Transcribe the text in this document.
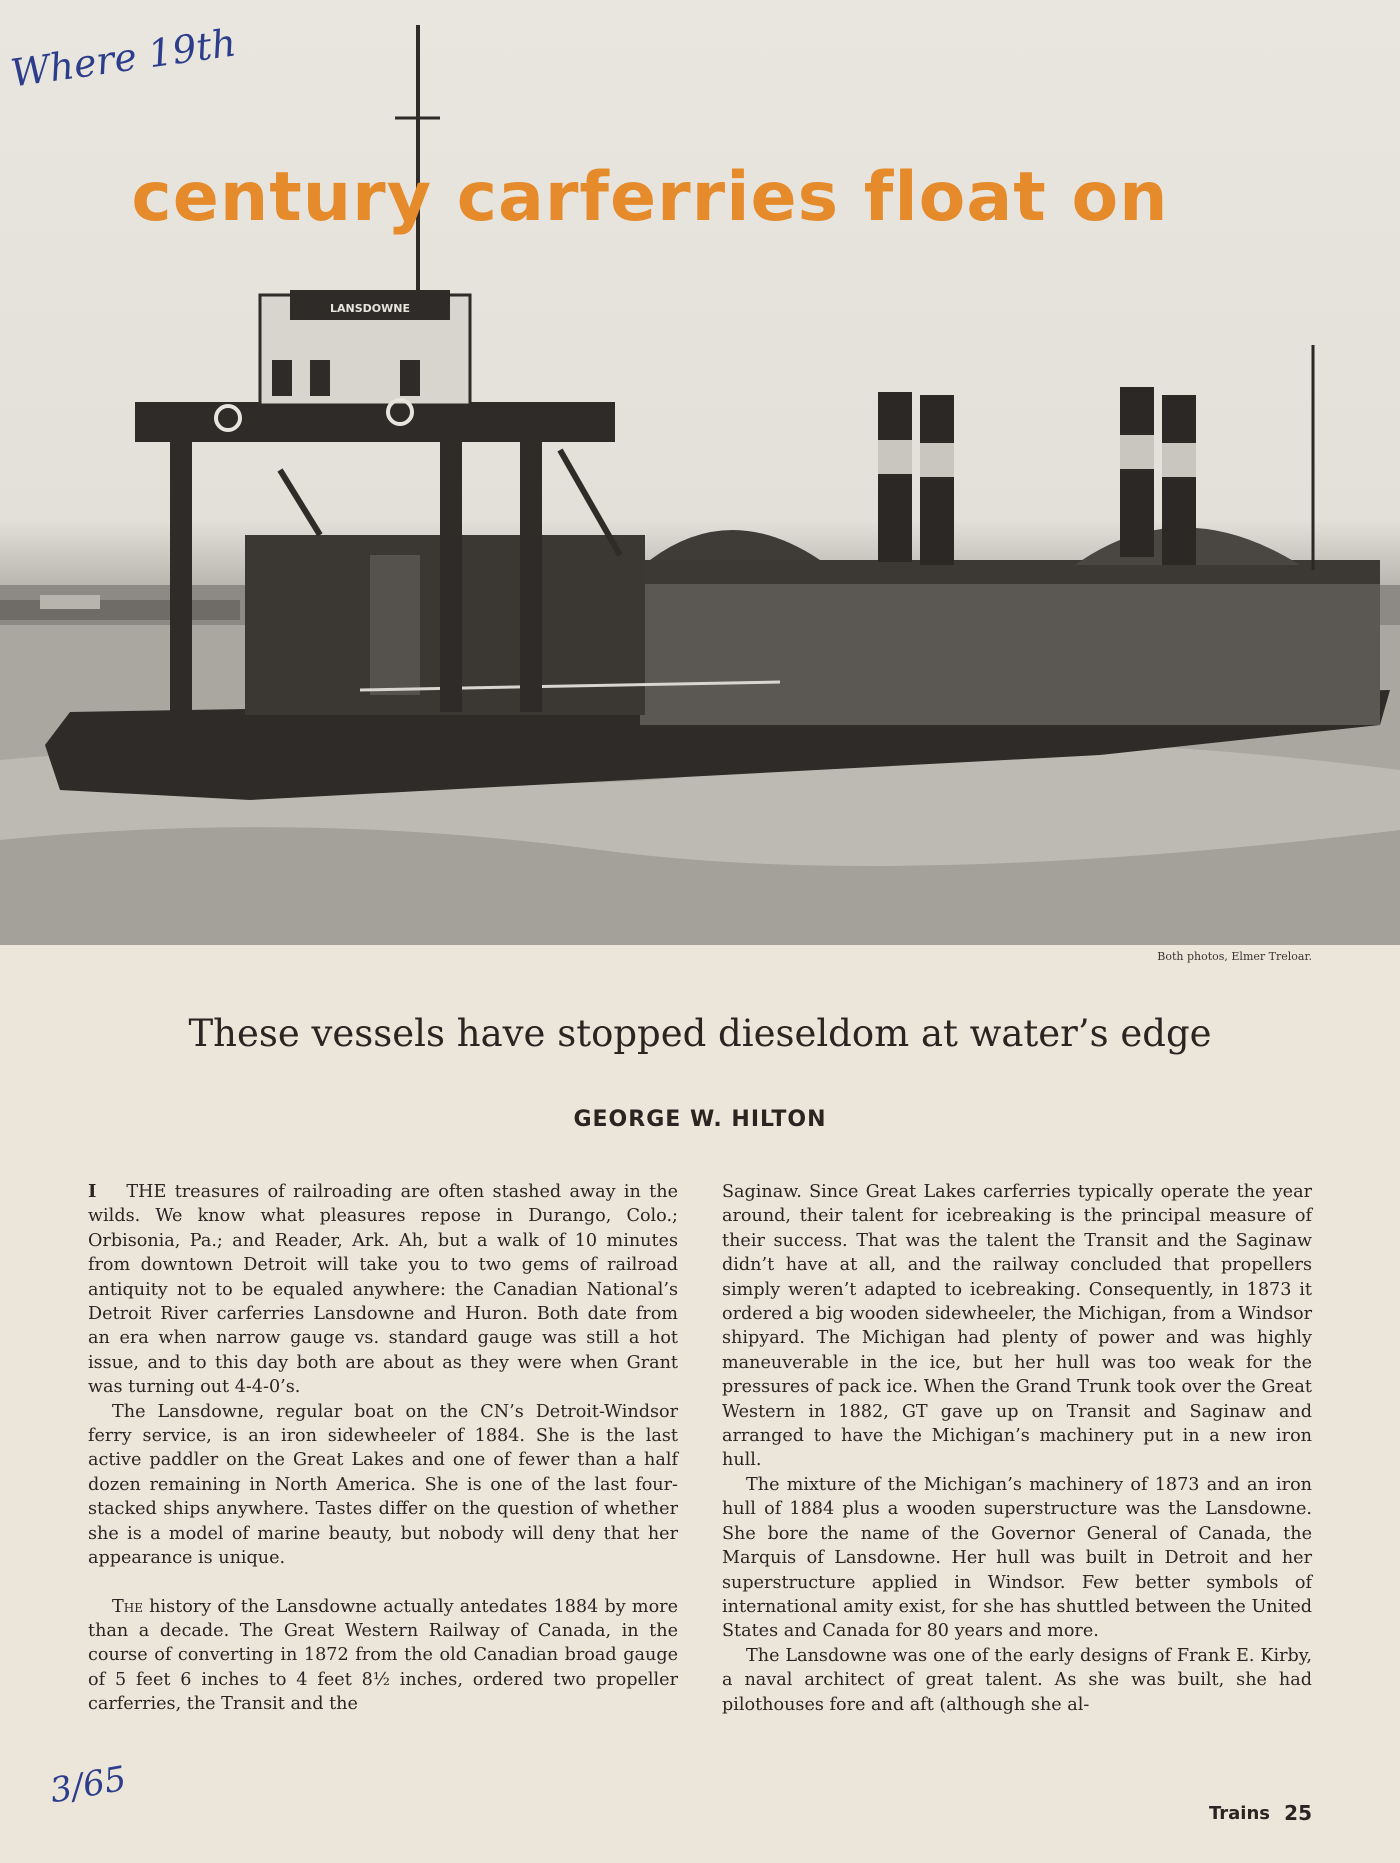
LANSDOWNE
Where 19th
century carferries float on
Both photos, Elmer Treloar.
These vessels have stopped dieseldom at water’s edge
GEORGE W. HILTON

I THE treasures of railroading are often stashed away in the wilds. We know what pleasures repose in Durango, Colo.; Orbisonia, Pa.; and Reader, Ark. Ah, but a walk of 10 minutes from downtown Detroit will take you to two gems of railroad antiquity not to be equaled anywhere: the Canadian National’s Detroit River carferries Lansdowne and Huron. Both date from an era when narrow gauge vs. standard gauge was still a hot issue, and to this day both are about as they were when Grant was turning out 4-4-0’s.

The Lansdowne, regular boat on the CN’s Detroit-Windsor ferry service, is an iron sidewheeler of 1884. She is the last active paddler on the Great Lakes and one of fewer than a half dozen remaining in North America. She is one of the last four-stacked ships anywhere. Tastes differ on the question of whether she is a model of marine beauty, but nobody will deny that her appearance is unique.

The history of the Lansdowne actually antedates 1884 by more than a decade. The Great Western Railway of Canada, in the course of converting in 1872 from the old Canadian broad gauge of 5 feet 6 inches to 4 feet 8½ inches, ordered two propeller carferries, the Transit and the

Saginaw. Since Great Lakes carferries typically operate the year around, their talent for icebreaking is the principal measure of their success. That was the talent the Transit and the Saginaw didn’t have at all, and the railway concluded that propellers simply weren’t adapted to icebreaking. Consequently, in 1873 it ordered a big wooden sidewheeler, the Michigan, from a Windsor shipyard. The Michigan had plenty of power and was highly maneuverable in the ice, but her hull was too weak for the pressures of pack ice. When the Grand Trunk took over the Great Western in 1882, GT gave up on Transit and Saginaw and arranged to have the Michigan’s machinery put in a new iron hull.

The mixture of the Michigan’s machinery of 1873 and an iron hull of 1884 plus a wooden superstructure was the Lansdowne. She bore the name of the Governor General of Canada, the Marquis of Lansdowne. Her hull was built in Detroit and her superstructure applied in Windsor. Few better symbols of international amity exist, for she has shuttled between the United States and Canada for 80 years and more.

The Lansdowne was one of the early designs of Frank E. Kirby, a naval architect of great talent. As she was built, she had pilothouses fore and aft (although she al-

3/65
Trains 25
